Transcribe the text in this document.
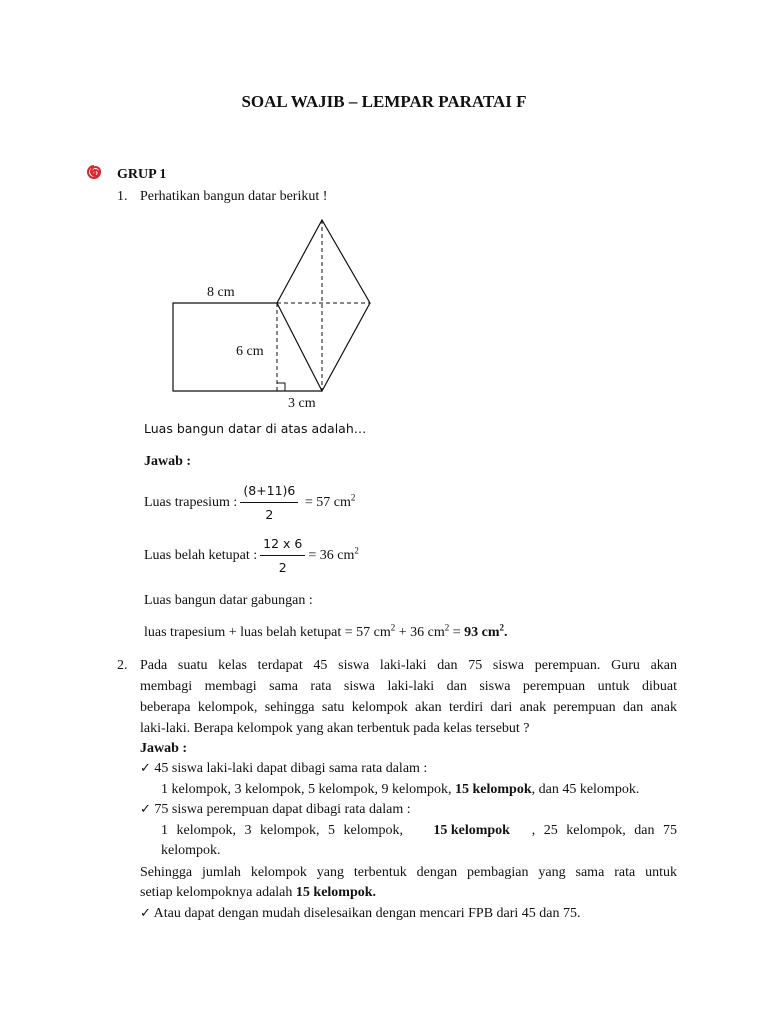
SOAL WAJIB – LEMPAR PARATAI F
GRUP 1
1. Perhatikan bangun datar berikut !
8 cm
6 cm
3 cm
Luas bangun datar di atas adalah…
Jawab :
Luas trapesium : $\frac{(8+11)6}{2} = 57$ $cm^2$
Luas belah ketupat : $\frac{12 x 6}{2} = 36$ $cm^2$
Luas bangun datar gabungan :
luas trapesium + luas belah ketupat = 57 $cm^2 + 36$ $cm^2 = 93$ $cm^2$.
2. Pada suatu kelas terdapat 45 siswa laki-laki dan 75 siswa perempuan. Guru akan
membagi membagi sama rata siswa laki-laki dan siswa perempuan untuk dibuat
beberapa kelompok, sehingga satu kelompok akan terdiri dari anak perempuan dan anak
laki-laki. Berapa kelompok yang akan terbentuk pada kelas tersebut ?
Jawab :
✓ 45 siswa laki-laki dapat dibagi sama rata dalam :
1 kelompok, 3 kelompok, 5 kelompok, 9 kelompok, 15 kelompok, dan 45 kelompok.
✓ 75 siswa perempuan dapat dibagi rata dalam :
1 kelompok, 3 kelompok, 5 kelompok, 15 kelompok , 25 kelompok, dan 75
kelompok.
Sehingga jumlah kelompok yang terbentuk dengan pembagian yang sama rata untuk
setiap kelompoknya adalah 15 kelompok.
✓ Atau dapat dengan mudah diselesaikan dengan mencari FPB dari 45 dan 75.
